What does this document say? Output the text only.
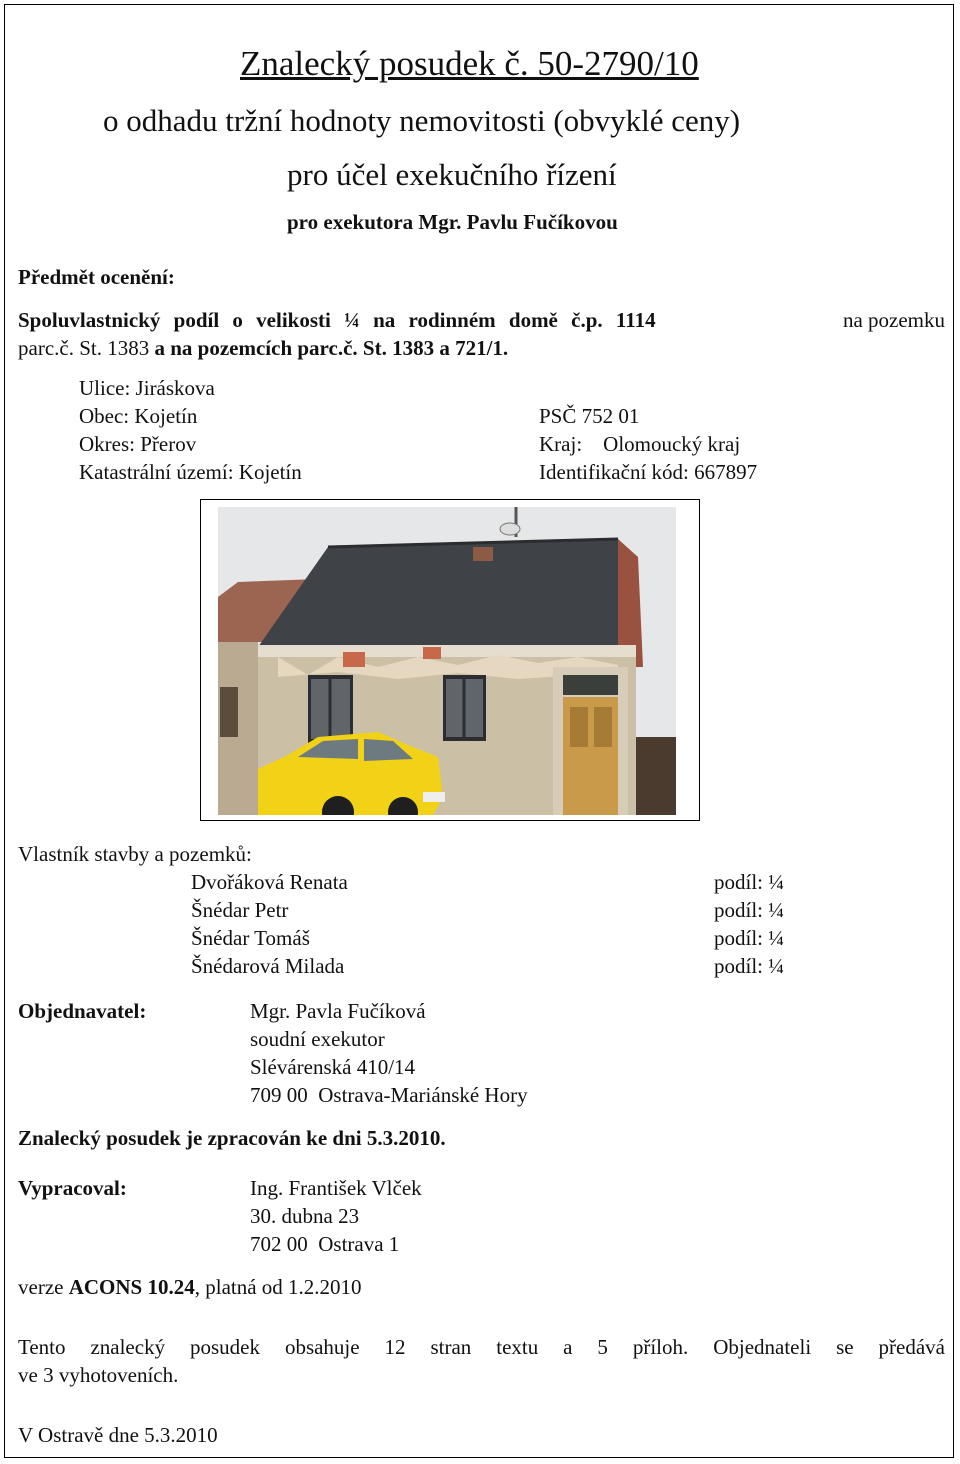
Znalecký posudek č. 50-2790/10
o odhadu tržní hodnoty nemovitosti (obvyklé ceny)
pro účel exekučního řízení
pro exekutora Mgr. Pavlu Fučíkovou
Předmět ocenění:
Spoluvlastnický podíl o velikosti ¼ na rodinném domě č.p. 1114	na pozemku
parc.č. St. 1383 a na pozemcích parc.č. St. 1383 a 721/1.
Ulice: Jiráskova
Obec: Kojetín	PSČ 752 01
Okres: Přerov	Kraj:    Olomoucký kraj
Katastrální území: Kojetín	Identifikační kód: 667897
Vlastník stavby a pozemků:
Dvořáková Renata	podíl: ¼
Šnédar Petr	podíl: ¼
Šnédar Tomáš	podíl: ¼
Šnédarová Milada	podíl: ¼
Objednavatel:	Mgr. Pavla Fučíková
soudní exekutor
Slévárenská 410/14
709 00  Ostrava-Mariánské Hory
Znalecký posudek je zpracován ke dni 5.3.2010.
Vypracoval:	Ing. František Vlček
30. dubna 23
702 00  Ostrava 1
verze ACONS 10.24, platná od 1.2.2010
Tento znalecký posudek obsahuje 12 stran textu a 5 příloh. Objednateli se předává
ve 3 vyhotoveních.
V Ostravě dne 5.3.2010
